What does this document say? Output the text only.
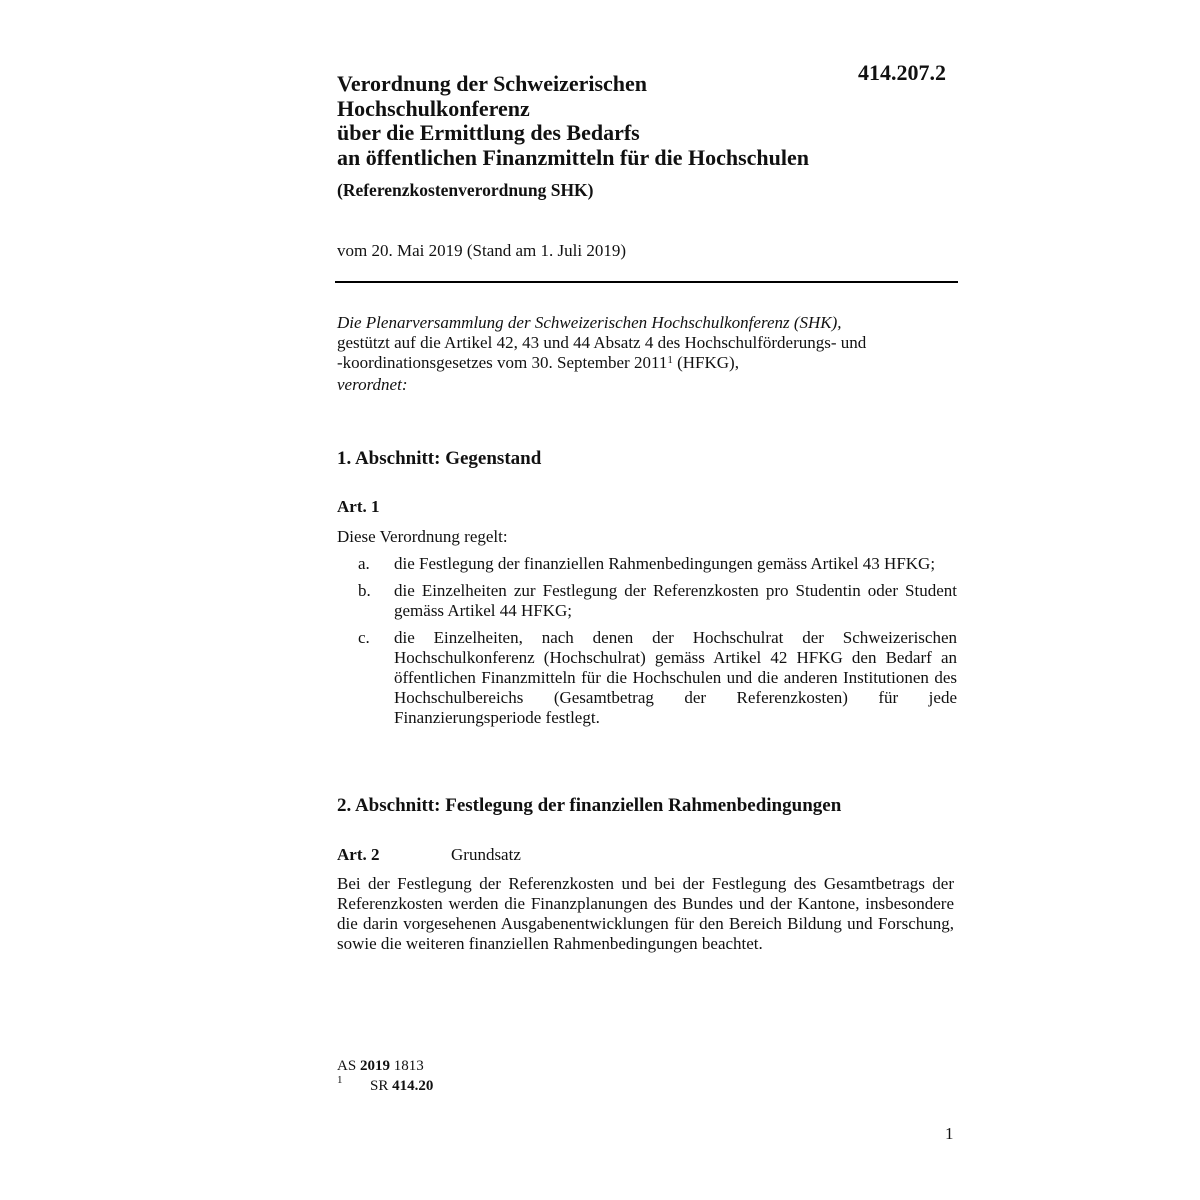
414.207.2
Verordnung der Schweizerischen
Hochschulkonferenz
über die Ermittlung des Bedarfs
an öffentlichen Finanzmitteln für die Hochschulen
(Referenzkostenverordnung SHK)
vom 20. Mai 2019 (Stand am 1. Juli 2019)
Die Plenarversammlung der Schweizerischen Hochschulkonferenz (SHK),
gestützt auf die Artikel 42, 43 und 44 Absatz 4 des Hochschulförderungs- und
-koordinationsgesetzes vom 30. September 2011$^1$ (HFKG),
verordnet:
1. Abschnitt: Gegenstand
Art. 1
Diese Verordnung regelt:
a. die Festlegung der finanziellen Rahmenbedingungen gemäss Artikel 43 HFKG;
b. die Einzelheiten zur Festlegung der Referenzkosten pro Studentin oder Student gemäss Artikel 44 HFKG;
c. die Einzelheiten, nach denen der Hochschulrat der Schweizerischen Hochschulkonferenz (Hochschulrat) gemäss Artikel 42 HFKG den Bedarf an öffentlichen Finanzmitteln für die Hochschulen und die anderen Institutionen des Hochschulbereichs (Gesamtbetrag der Referenzkosten) für jede Finanzierungsperiode festlegt.
2. Abschnitt: Festlegung der finanziellen Rahmenbedingungen
Art. 2	Grundsatz
Bei der Festlegung der Referenzkosten und bei der Festlegung des Gesamtbetrags der Referenzkosten werden die Finanzplanungen des Bundes und der Kantone, insbesondere die darin vorgesehenen Ausgabenentwicklungen für den Bereich Bildung und Forschung, sowie die weiteren finanziellen Rahmenbedingungen beachtet.
AS 2019 1813
1 SR 414.20
1
